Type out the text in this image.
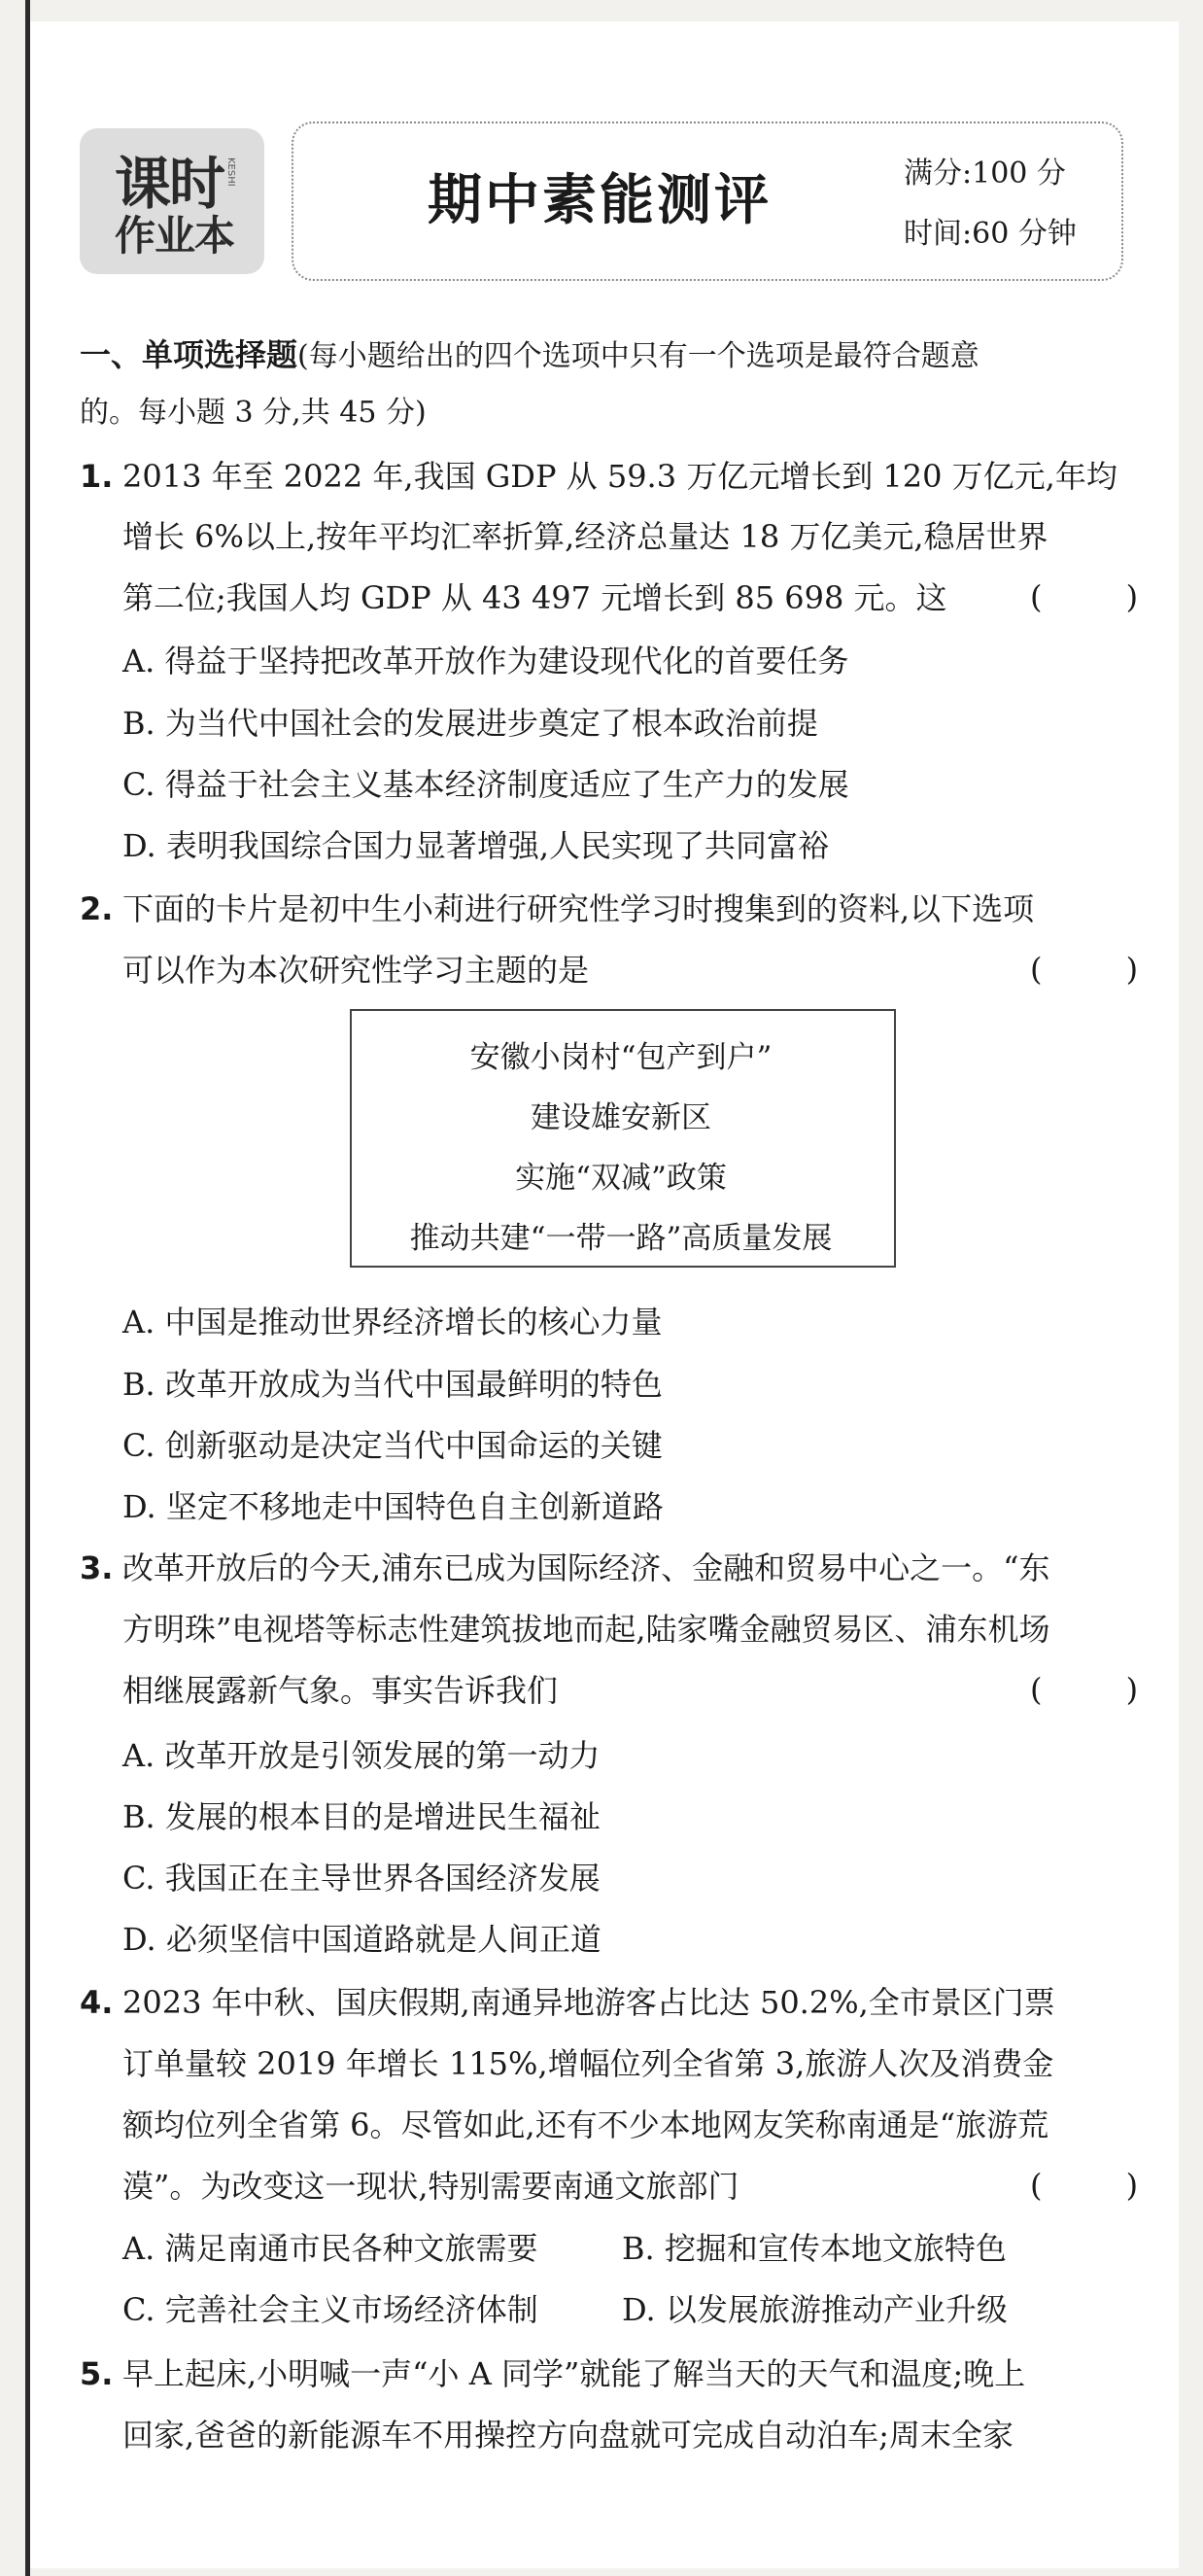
课时
作业本
KESHI	期中素能测评	满分:100 分
时间:60 分钟
一、单项选择题(每小题给出的四个选项中只有一个选项是最符合题意
的。每小题 3 分,共 45 分)
1. 2013 年至 2022 年,我国 GDP 从 59.3 万亿元增长到 120 万亿元,年均
增长 6%以上,按年平均汇率折算,经济总量达 18 万亿美元,稳居世界
第二位;我国人均 GDP 从 43 497 元增长到 85 698 元。这	( )
A. 得益于坚持把改革开放作为建设现代化的首要任务
B. 为当代中国社会的发展进步奠定了根本政治前提
C. 得益于社会主义基本经济制度适应了生产力的发展
D. 表明我国综合国力显著增强,人民实现了共同富裕
2. 下面的卡片是初中生小莉进行研究性学习时搜集到的资料,以下选项
可以作为本次研究性学习主题的是	( )
安徽小岗村“包产到户”
建设雄安新区
实施“双减”政策
推动共建“一带一路”高质量发展
A. 中国是推动世界经济增长的核心力量
B. 改革开放成为当代中国最鲜明的特色
C. 创新驱动是决定当代中国命运的关键
D. 坚定不移地走中国特色自主创新道路
3. 改革开放后的今天,浦东已成为国际经济、金融和贸易中心之一。“东
方明珠”电视塔等标志性建筑拔地而起,陆家嘴金融贸易区、浦东机场
相继展露新气象。事实告诉我们	( )
A. 改革开放是引领发展的第一动力
B. 发展的根本目的是增进民生福祉
C. 我国正在主导世界各国经济发展
D. 必须坚信中国道路就是人间正道
4. 2023 年中秋、国庆假期,南通异地游客占比达 50.2%,全市景区门票
订单量较 2019 年增长 115%,增幅位列全省第 3,旅游人次及消费金
额均位列全省第 6。尽管如此,还有不少本地网友笑称南通是“旅游荒
漠”。为改变这一现状,特别需要南通文旅部门	( )
A. 满足南通市民各种文旅需要	B. 挖掘和宣传本地文旅特色
C. 完善社会主义市场经济体制	D. 以发展旅游推动产业升级
5. 早上起床,小明喊一声“小 A 同学”就能了解当天的天气和温度;晚上
回家,爸爸的新能源车不用操控方向盘就可完成自动泊车;周末全家
